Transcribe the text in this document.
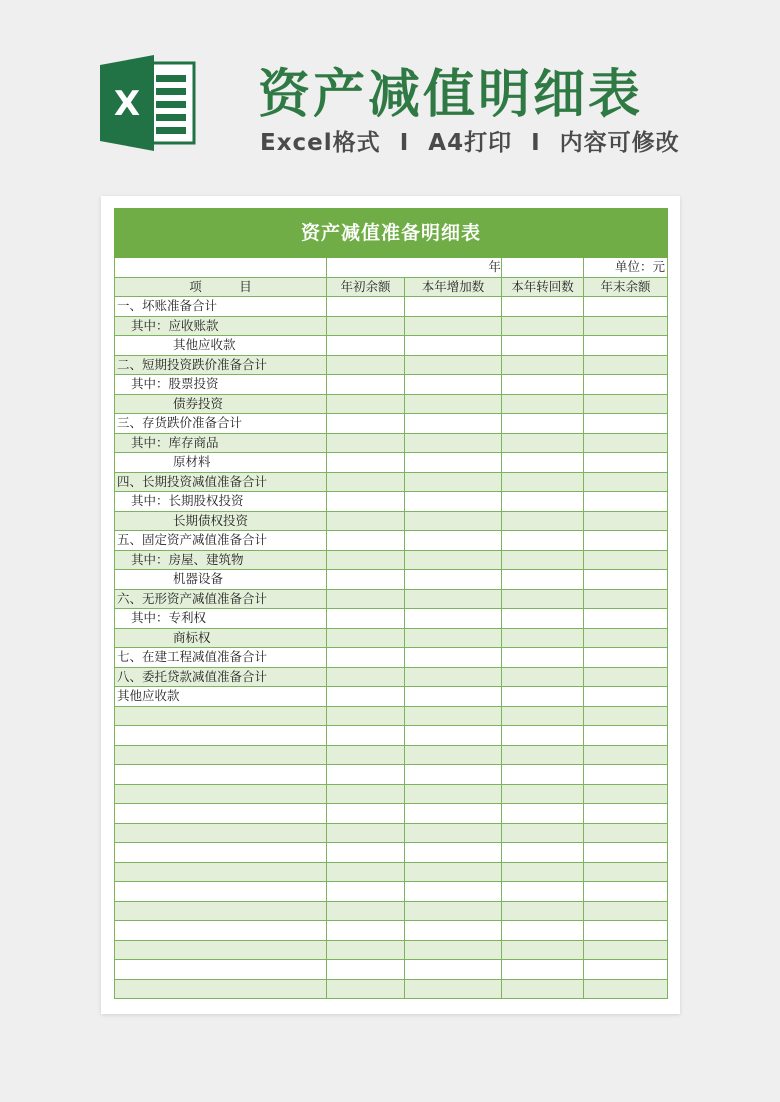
X 资产减值明细表
Excel格式 I A4打印 I 内容可修改
资产减值准备明细表				
	年			单位：元
项　　　目	年初余额	本年增加数	本年转回数	年末余额
一、坏账准备合计				
其中：应收账款				
其他应收款				
二、短期投资跌价准备合计				
其中：股票投资				
债券投资				
三、存货跌价准备合计				
其中：库存商品				
原材料				
四、长期投资减值准备合计				
其中：长期股权投资				
长期债权投资				
五、固定资产减值准备合计				
其中：房屋、建筑物				
机器设备				
六、无形资产减值准备合计				
其中：专利权				
商标权				
七、在建工程减值准备合计				
八、委托贷款减值准备合计				
其他应收款				
